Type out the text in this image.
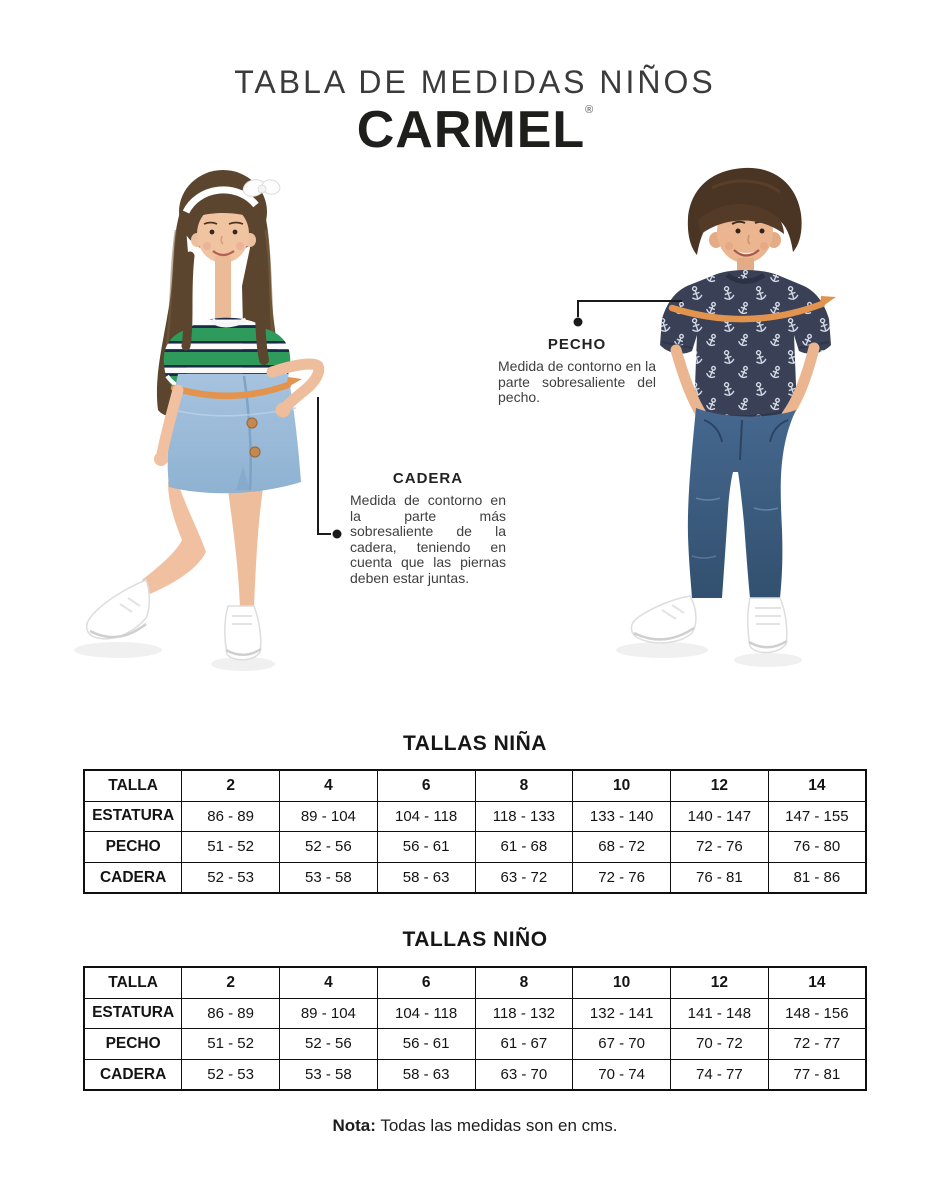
TABLA DE MEDIDAS NIÑOS
CARMEL®

PECHO

Medida de contorno en la parte sobresaliente del pecho.

CADERA

Medida de contorno en la parte más sobresaliente de la cadera, teniendo en cuenta que las piernas deben estar juntas.

TALLAS NIÑA
TALLA	2	4	6	8	10	12	14
ESTATURA	86 - 89	89 - 104	104 - 118	118 - 133	133 - 140	140 - 147	147 - 155
PECHO	51 - 52	52 - 56	56 - 61	61 - 68	68 - 72	72 - 76	76 - 80
CADERA	52 - 53	53 - 58	58 - 63	63 - 72	72 - 76	76 - 81	81 - 86
TALLAS NIÑO
TALLA	2	4	6	8	10	12	14
ESTATURA	86 - 89	89 - 104	104 - 118	118 - 132	132 - 141	141 - 148	148 - 156
PECHO	51 - 52	52 - 56	56 - 61	61 - 67	67 - 70	70 - 72	72 - 77
CADERA	52 - 53	53 - 58	58 - 63	63 - 70	70 - 74	74 - 77	77 - 81
Nota: Todas las medidas son en cms.
